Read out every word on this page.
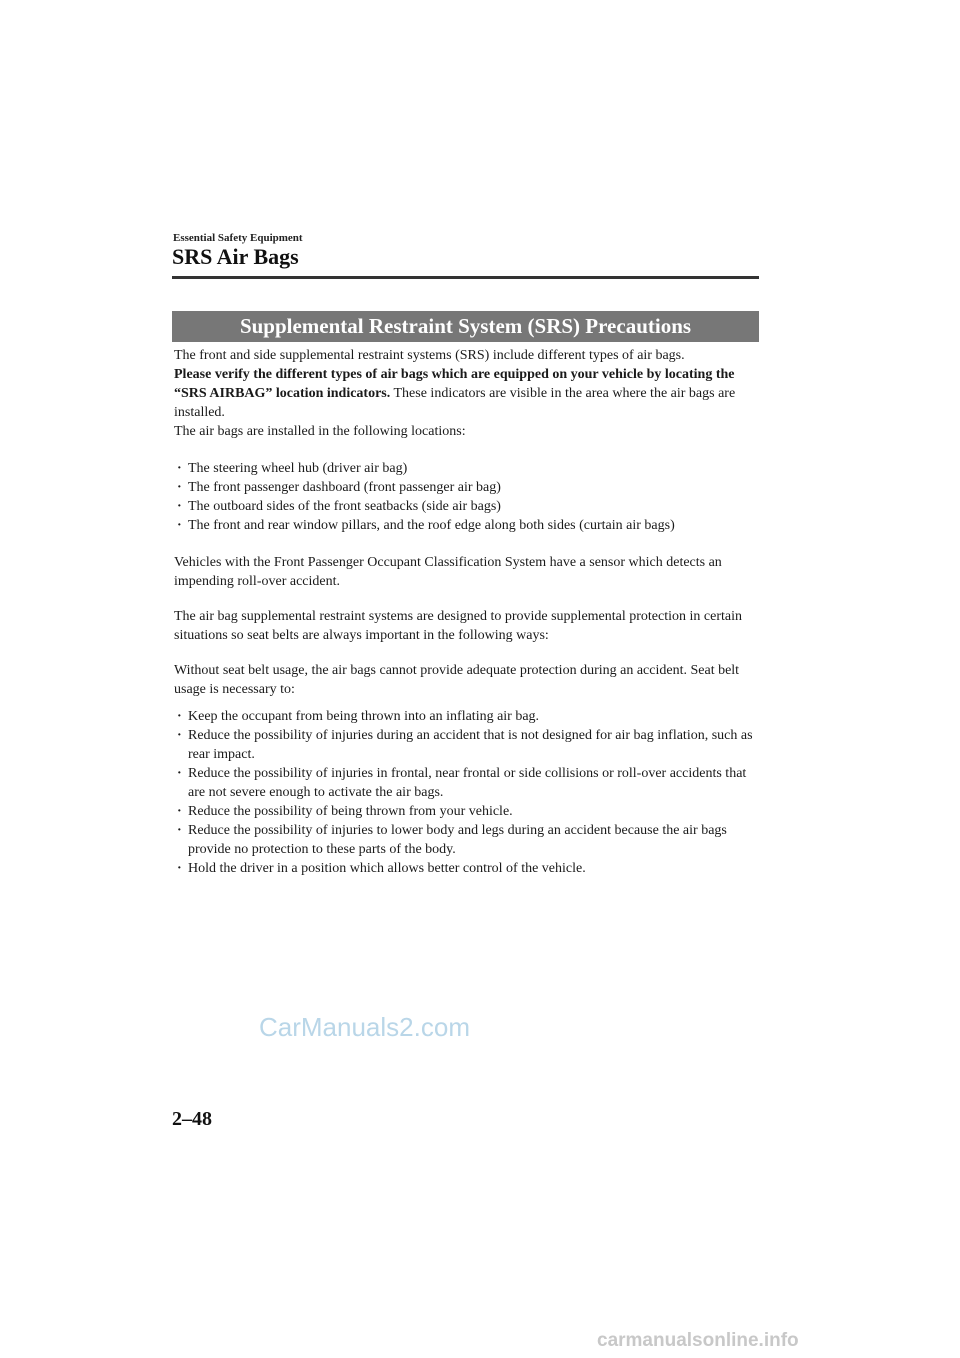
Essential Safety Equipment
SRS Air Bags
Supplemental Restraint System (SRS) Precautions

The front and side supplemental restraint systems (SRS) include different types of air bags.
Please verify the different types of air bags which are equipped on your vehicle by locating the “SRS AIRBAG” location indicators. These indicators are visible in the area where the air bags are installed.
The air bags are installed in the following locations:

· The steering wheel hub (driver air bag)
· The front passenger dashboard (front passenger air bag)
· The outboard sides of the front seatbacks (side air bags)
· The front and rear window pillars, and the roof edge along both sides (curtain air bags)

Vehicles with the Front Passenger Occupant Classification System have a sensor which detects an impending roll-over accident.

The air bag supplemental restraint systems are designed to provide supplemental protection in certain situations so seat belts are always important in the following ways:

Without seat belt usage, the air bags cannot provide adequate protection during an accident. Seat belt usage is necessary to:

· Keep the occupant from being thrown into an inflating air bag.
· Reduce the possibility of injuries during an accident that is not designed for air bag inflation, such as rear impact.
· Reduce the possibility of injuries in frontal, near frontal or side collisions or roll-over accidents that are not severe enough to activate the air bags.
· Reduce the possibility of being thrown from your vehicle.
· Reduce the possibility of injuries to lower body and legs during an accident because the air bags provide no protection to these parts of the body.
· Hold the driver in a position which allows better control of the vehicle.
CarManuals2.com
2–48
carmanualsonline.info
